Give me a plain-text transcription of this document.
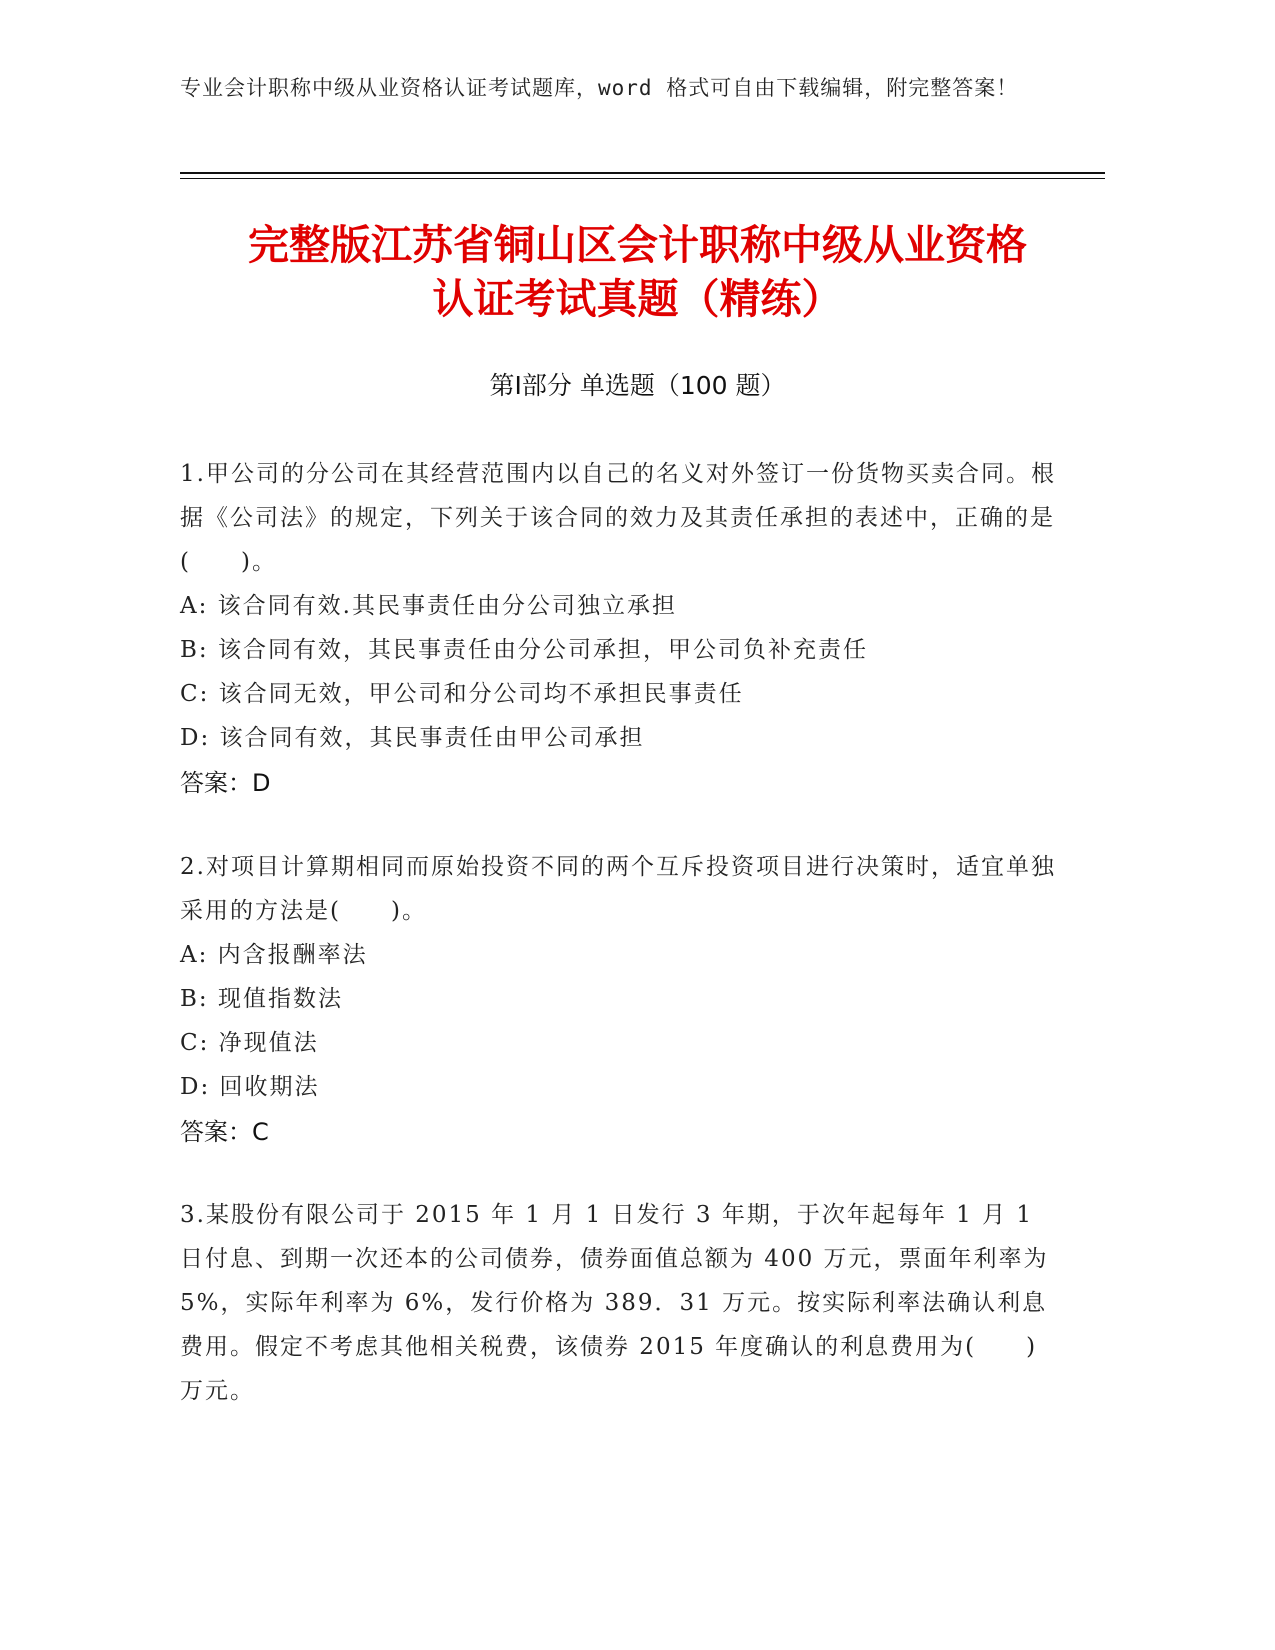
专业会计职称中级从业资格认证考试题库，word 格式可自由下载编辑，附完整答案！
完整版江苏省铜山区会计职称中级从业资格
认证考试真题（精练）
第Ⅰ部分 单选题（100 题）

1.甲公司的分公司在其经营范围内以自己的名义对外签订一份货物买卖合同。根据《公司法》的规定，下列关于该合同的效力及其责任承担的表述中，正确的是(　　)。

A: 该合同有效.其民事责任由分公司独立承担

B: 该合同有效，其民事责任由分公司承担，甲公司负补充责任

C: 该合同无效，甲公司和分公司均不承担民事责任

D: 该合同有效，其民事责任由甲公司承担

答案：D

2.对项目计算期相同而原始投资不同的两个互斥投资项目进行决策时，适宜单独采用的方法是(　　)。

A: 内含报酬率法

B: 现值指数法

C: 净现值法

D: 回收期法

答案：C

3.某股份有限公司于 2015 年 1 月 1 日发行 3 年期，于次年起每年 1 月 1 日付息、到期一次还本的公司债券，债券面值总额为 400 万元，票面年利率为 5%，实际年利率为 6%，发行价格为 389．31 万元。按实际利率法确认利息费用。假定不考虑其他相关税费，该债券 2015 年度确认的利息费用为(　　)万元。
